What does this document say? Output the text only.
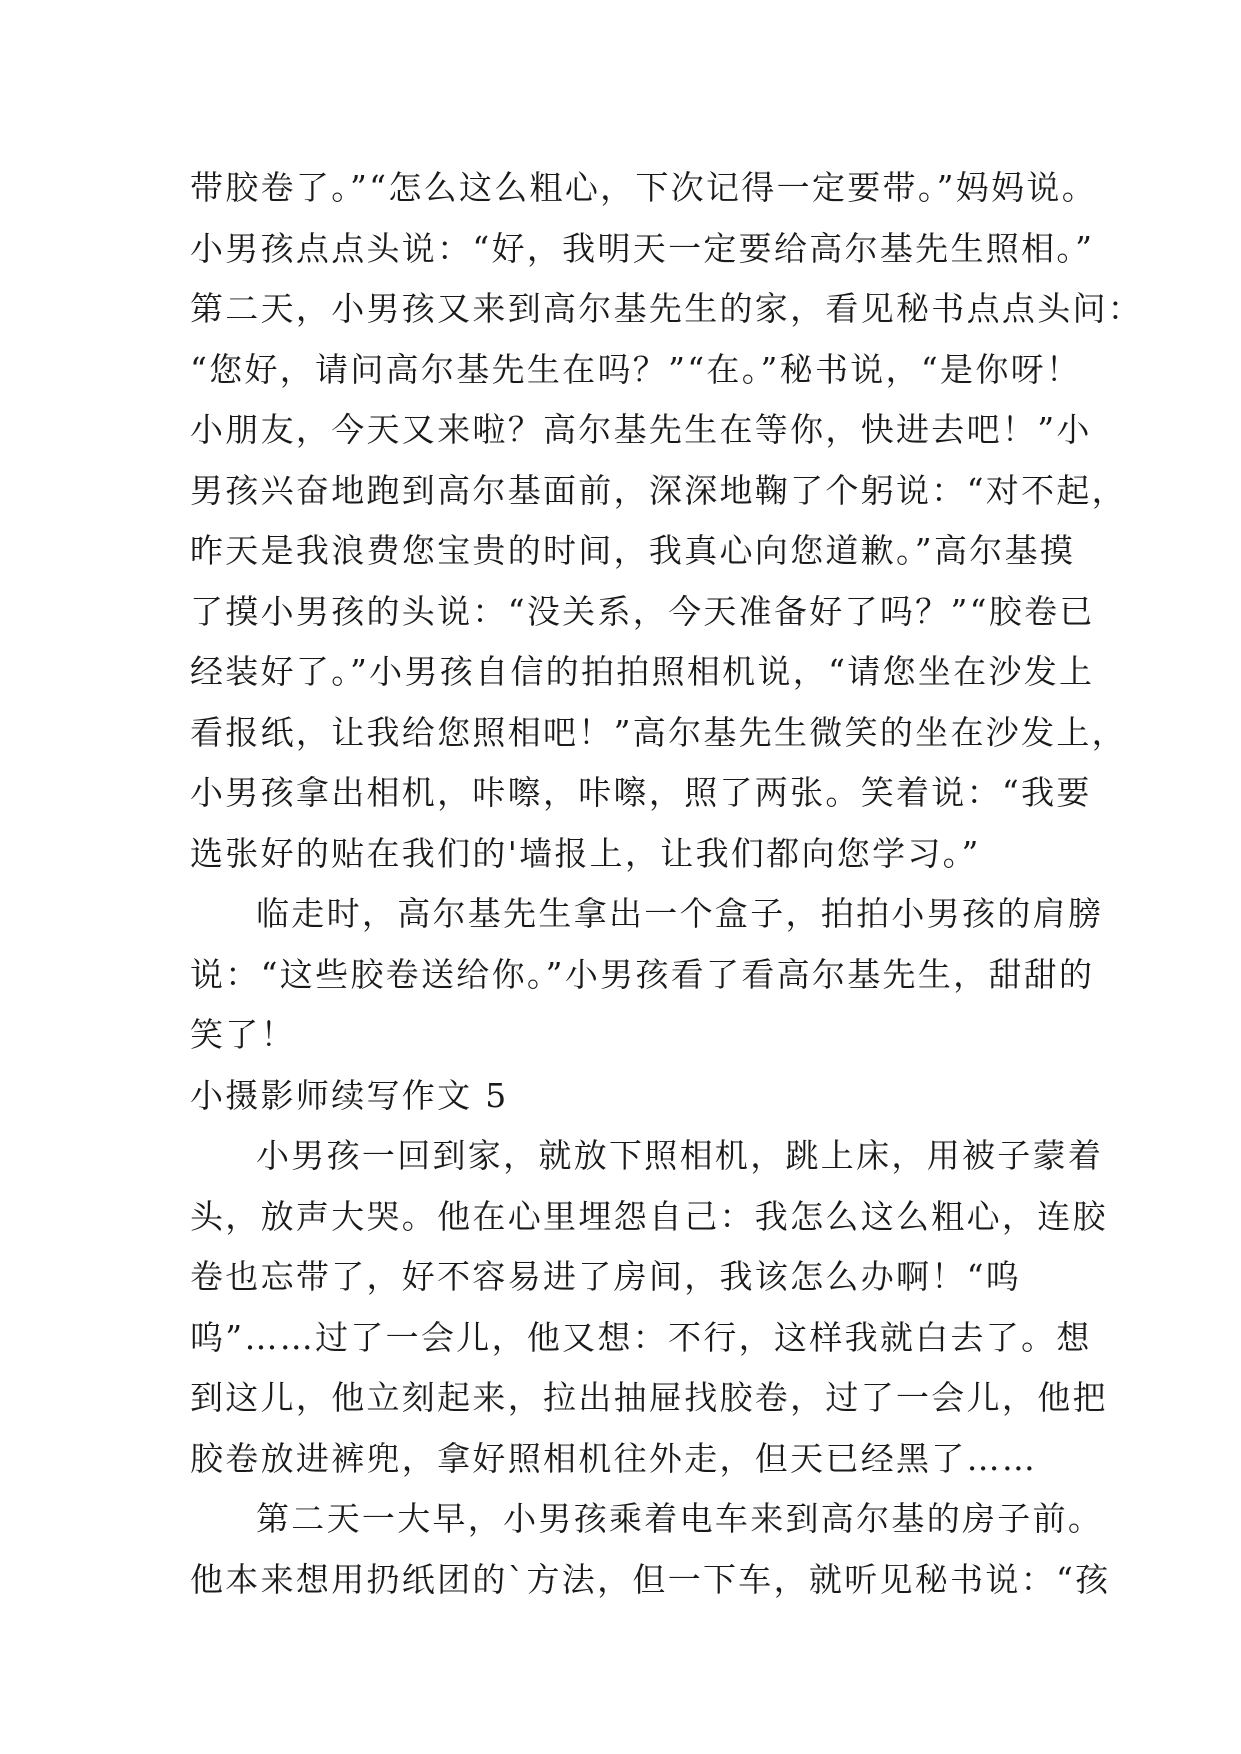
带胶卷了。”“怎么这么粗心，下次记得一定要带。”妈妈说。
小男孩点点头说：“好，我明天一定要给高尔基先生照相。”
第二天，小男孩又来到高尔基先生的家，看见秘书点点头问：
“您好，请问高尔基先生在吗？”“在。”秘书说，“是你呀！
小朋友，今天又来啦？高尔基先生在等你，快进去吧！”小
男孩兴奋地跑到高尔基面前，深深地鞠了个躬说：“对不起，
昨天是我浪费您宝贵的时间，我真心向您道歉。”高尔基摸
了摸小男孩的头说：“没关系，今天准备好了吗？”“胶卷已
经装好了。”小男孩自信的拍拍照相机说，“请您坐在沙发上
看报纸，让我给您照相吧！”高尔基先生微笑的坐在沙发上，
小男孩拿出相机，咔嚓，咔嚓，照了两张。笑着说：“我要
选张好的贴在我们的'墙报上，让我们都向您学习。”
临走时，高尔基先生拿出一个盒子，拍拍小男孩的肩膀
说：“这些胶卷送给你。”小男孩看了看高尔基先生，甜甜的
笑了！
小摄影师续写作文 5
小男孩一回到家，就放下照相机，跳上床，用被子蒙着
头，放声大哭。他在心里埋怨自己：我怎么这么粗心，连胶
卷也忘带了，好不容易进了房间，我该怎么办啊！“呜
呜”……过了一会儿，他又想：不行，这样我就白去了。想
到这儿，他立刻起来，拉出抽屉找胶卷，过了一会儿，他把
胶卷放进裤兜，拿好照相机往外走，但天已经黑了……
第二天一大早，小男孩乘着电车来到高尔基的房子前。
他本来想用扔纸团的`方法，但一下车，就听见秘书说：“孩
